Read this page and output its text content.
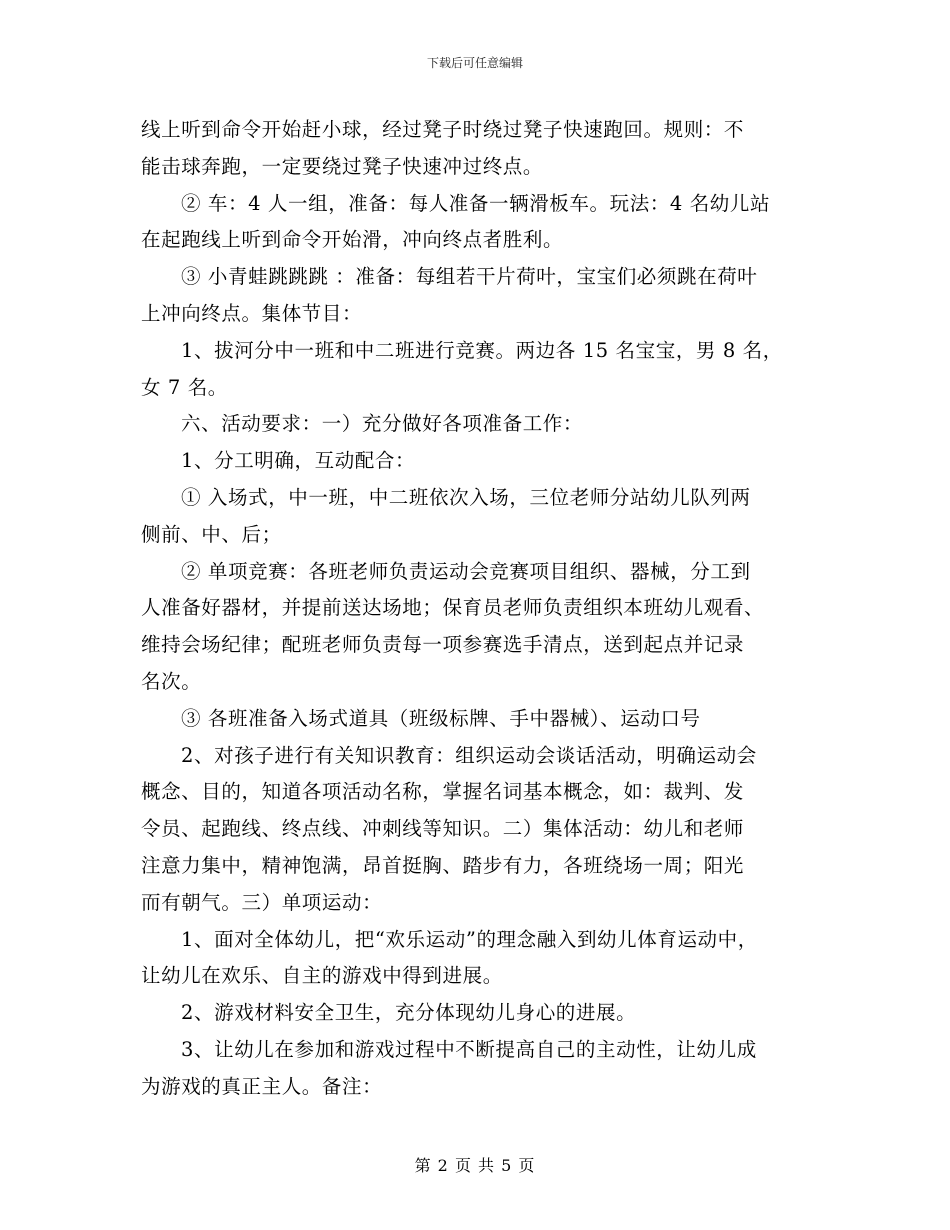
下载后可任意编辑
线上听到命令开始赶小球，经过凳子时绕过凳子快速跑回。规则：不
能击球奔跑，一定要绕过凳子快速冲过终点。
② 车：4 人一组，准备：每人准备一辆滑板车。玩法：4 名幼儿站
在起跑线上听到命令开始滑，冲向终点者胜利。
③ 小青蛙跳跳跳 ：准备：每组若干片荷叶，宝宝们必须跳在荷叶
上冲向终点。集体节目：
1、拔河分中一班和中二班进行竞赛。两边各 15 名宝宝，男 8 名，
女 7 名。
六、活动要求：一）充分做好各项准备工作：
1、分工明确，互动配合：
① 入场式，中一班，中二班依次入场，三位老师分站幼儿队列两
侧前、中、后；
② 单项竞赛：各班老师负责运动会竞赛项目组织、器械，分工到
人准备好器材，并提前送达场地；保育员老师负责组织本班幼儿观看、
维持会场纪律；配班老师负责每一项参赛选手清点，送到起点并记录
名次。
③ 各班准备入场式道具（班级标牌、手中器械）、运动口号
2、对孩子进行有关知识教育：组织运动会谈话活动，明确运动会
概念、目的，知道各项活动名称，掌握名词基本概念，如：裁判、发
令员、起跑线、终点线、冲刺线等知识。二）集体活动：幼儿和老师
注意力集中，精神饱满，昂首挺胸、踏步有力，各班绕场一周；阳光
而有朝气。三）单项运动：
1、面对全体幼儿，把“欢乐运动”的理念融入到幼儿体育运动中，
让幼儿在欢乐、自主的游戏中得到进展。
2、游戏材料安全卫生，充分体现幼儿身心的进展。
3、让幼儿在参加和游戏过程中不断提高自己的主动性，让幼儿成
为游戏的真正主人。备注：
第 2 页 共 5 页
